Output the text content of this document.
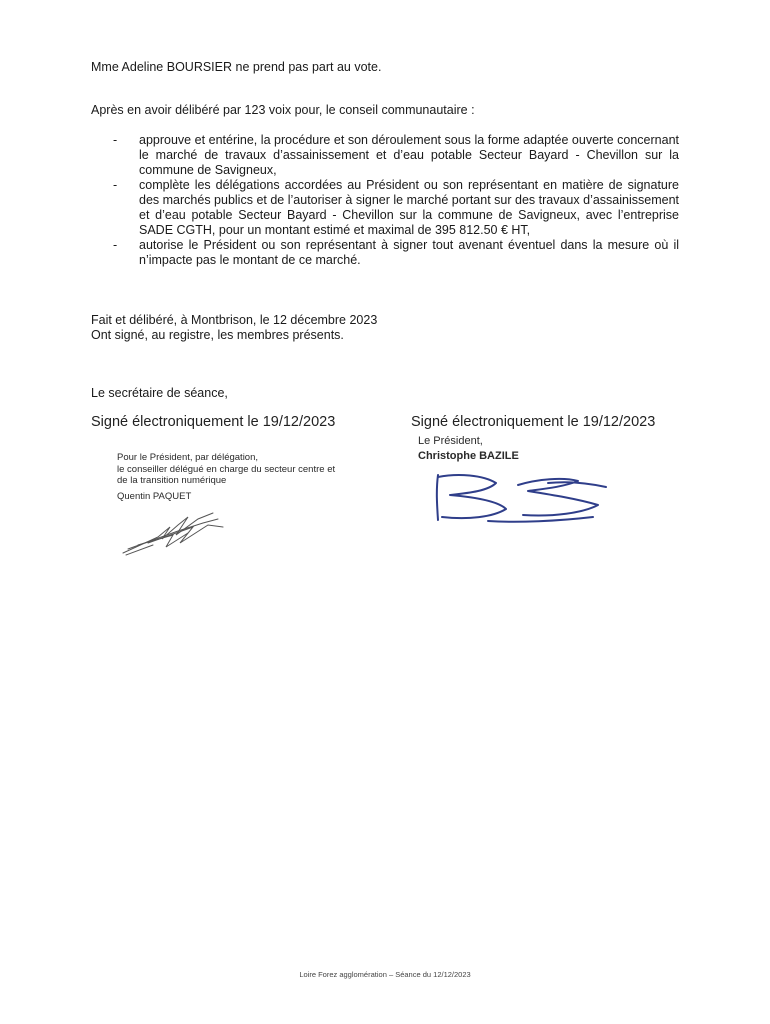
Mme Adeline BOURSIER ne prend pas part au vote.

Après en avoir délibéré par 123 voix pour, le conseil communautaire :

- approuve et entérine, la procédure et son déroulement sous la forme adaptée ouverte concernant le marché de travaux d’assainissement et d’eau potable Secteur Bayard - Chevillon sur la commune de Savigneux,
- complète les délégations accordées au Président ou son représentant en matière de signature des marchés publics et de l’autoriser à signer le marché portant sur des travaux d’assainissement et d’eau potable Secteur Bayard - Chevillon sur la commune de Savigneux, avec l’entreprise SADE CGTH, pour un montant estimé et maximal de 395 812.50 € HT,
- autorise le Président ou son représentant à signer tout avenant éventuel dans la mesure où il n’impacte pas le montant de ce marché.

Fait et délibéré, à Montbrison, le 12 décembre 2023

Ont signé, au registre, les membres présents.

Le secrétaire de séance,

Signé électroniquement le 19/12/2023	Signé électroniquement le 19/12/2023
Pour le Président, par délégation,
le conseiller délégué en charge du secteur centre et
de la transition numérique
Quentin PAQUET
Le Président,
Christophe BAZILE
Loire Forez agglomération – Séance du 12/12/2023
